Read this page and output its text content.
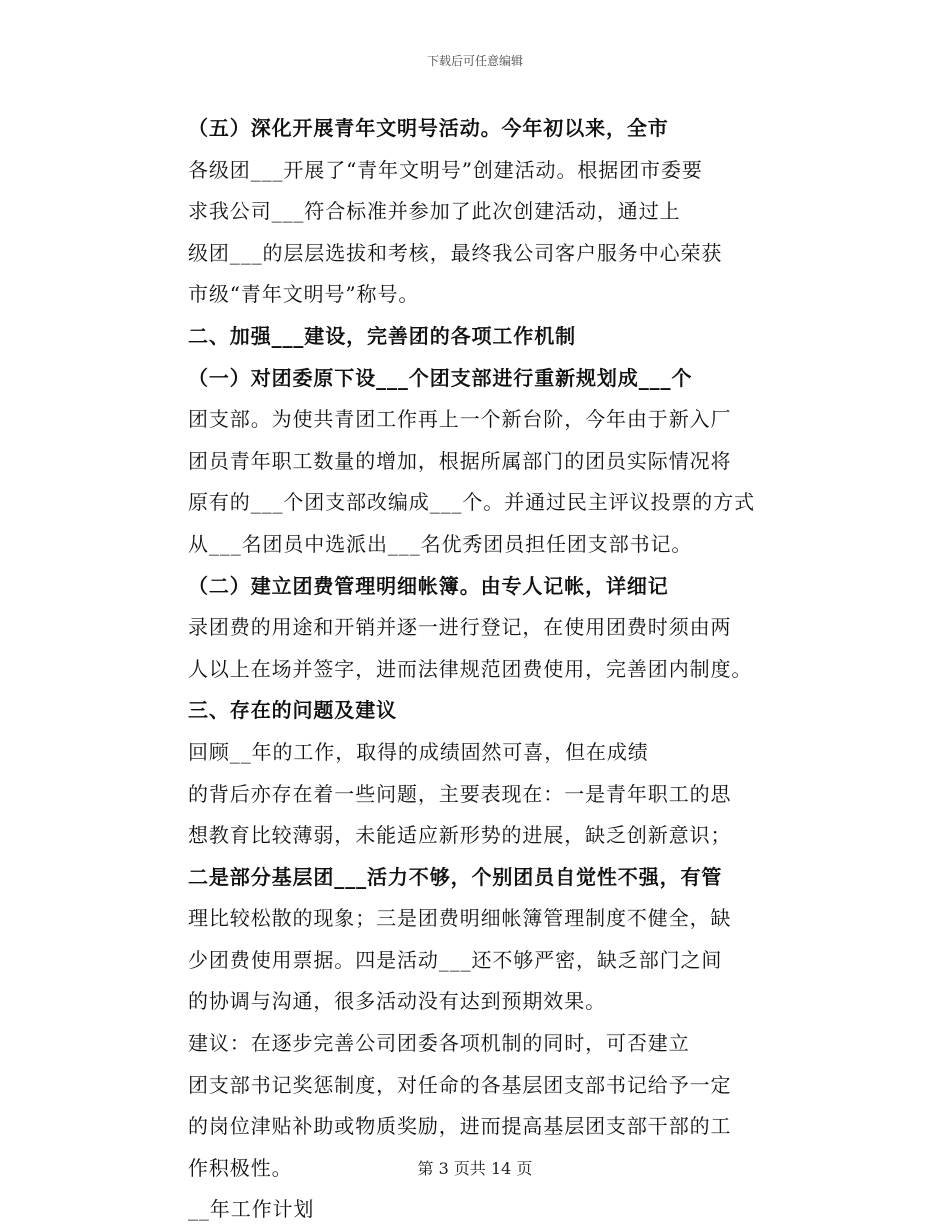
下载后可任意编辑
（五）深化开展青年文明号活动。今年初以来，全市
各级团___开展了“青年文明号”创建活动。根据团市委要
求我公司___符合标准并参加了此次创建活动，通过上
级团___的层层选拔和考核，最终我公司客户服务中心荣获
市级“青年文明号”称号。
二、加强___建设，完善团的各项工作机制
（一）对团委原下设___个团支部进行重新规划成___个
团支部。为使共青团工作再上一个新台阶，今年由于新入厂
团员青年职工数量的增加，根据所属部门的团员实际情况将
原有的___个团支部改编成___个。并通过民主评议投票的方式
从___名团员中选派出___名优秀团员担任团支部书记。
（二）建立团费管理明细帐簿。由专人记帐，详细记
录团费的用途和开销并逐一进行登记，在使用团费时须由两
人以上在场并签字，进而法律规范团费使用，完善团内制度。
三、存在的问题及建议
回顾__年的工作，取得的成绩固然可喜，但在成绩
的背后亦存在着一些问题，主要表现在：一是青年职工的思
想教育比较薄弱，未能适应新形势的进展，缺乏创新意识；
二是部分基层团___活力不够，个别团员自觉性不强，有管
理比较松散的现象；三是团费明细帐簿管理制度不健全，缺
少团费使用票据。四是活动___还不够严密，缺乏部门之间
的协调与沟通，很多活动没有达到预期效果。
建议：在逐步完善公司团委各项机制的同时，可否建立
团支部书记奖惩制度，对任命的各基层团支部书记给予一定
的岗位津贴补助或物质奖励，进而提高基层团支部干部的工
作积极性。
__年工作计划
第 3 页共 14 页
